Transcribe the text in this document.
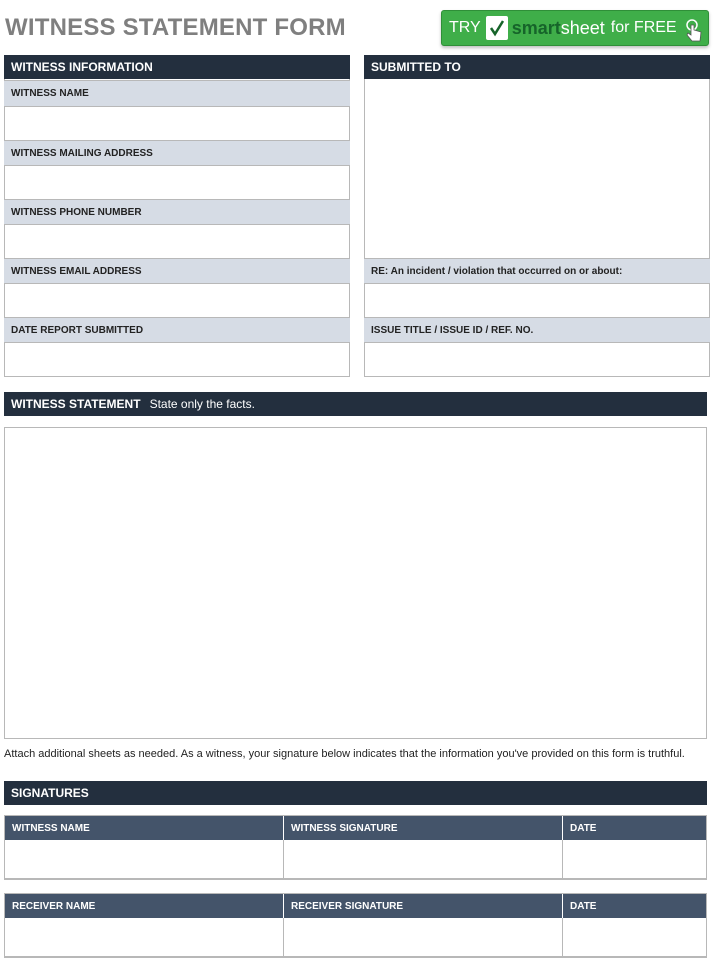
WITNESS STATEMENT FORM	TRY smartsheet for FREE
WITNESS INFORMATION
WITNESS NAME
WITNESS MAILING ADDRESS
WITNESS PHONE NUMBER
WITNESS EMAIL ADDRESS
DATE REPORT SUBMITTED
SUBMITTED TO
RE: An incident / violation that occurred on or about:
ISSUE TITLE / ISSUE ID / REF. NO.
WITNESS STATEMENT State only the facts.
Attach additional sheets as needed. As a witness, your signature below indicates that the information you've provided on this form is truthful.
SIGNATURES
WITNESS NAME	WITNESS SIGNATURE	DATE
RECEIVER NAME	RECEIVER SIGNATURE	DATE
